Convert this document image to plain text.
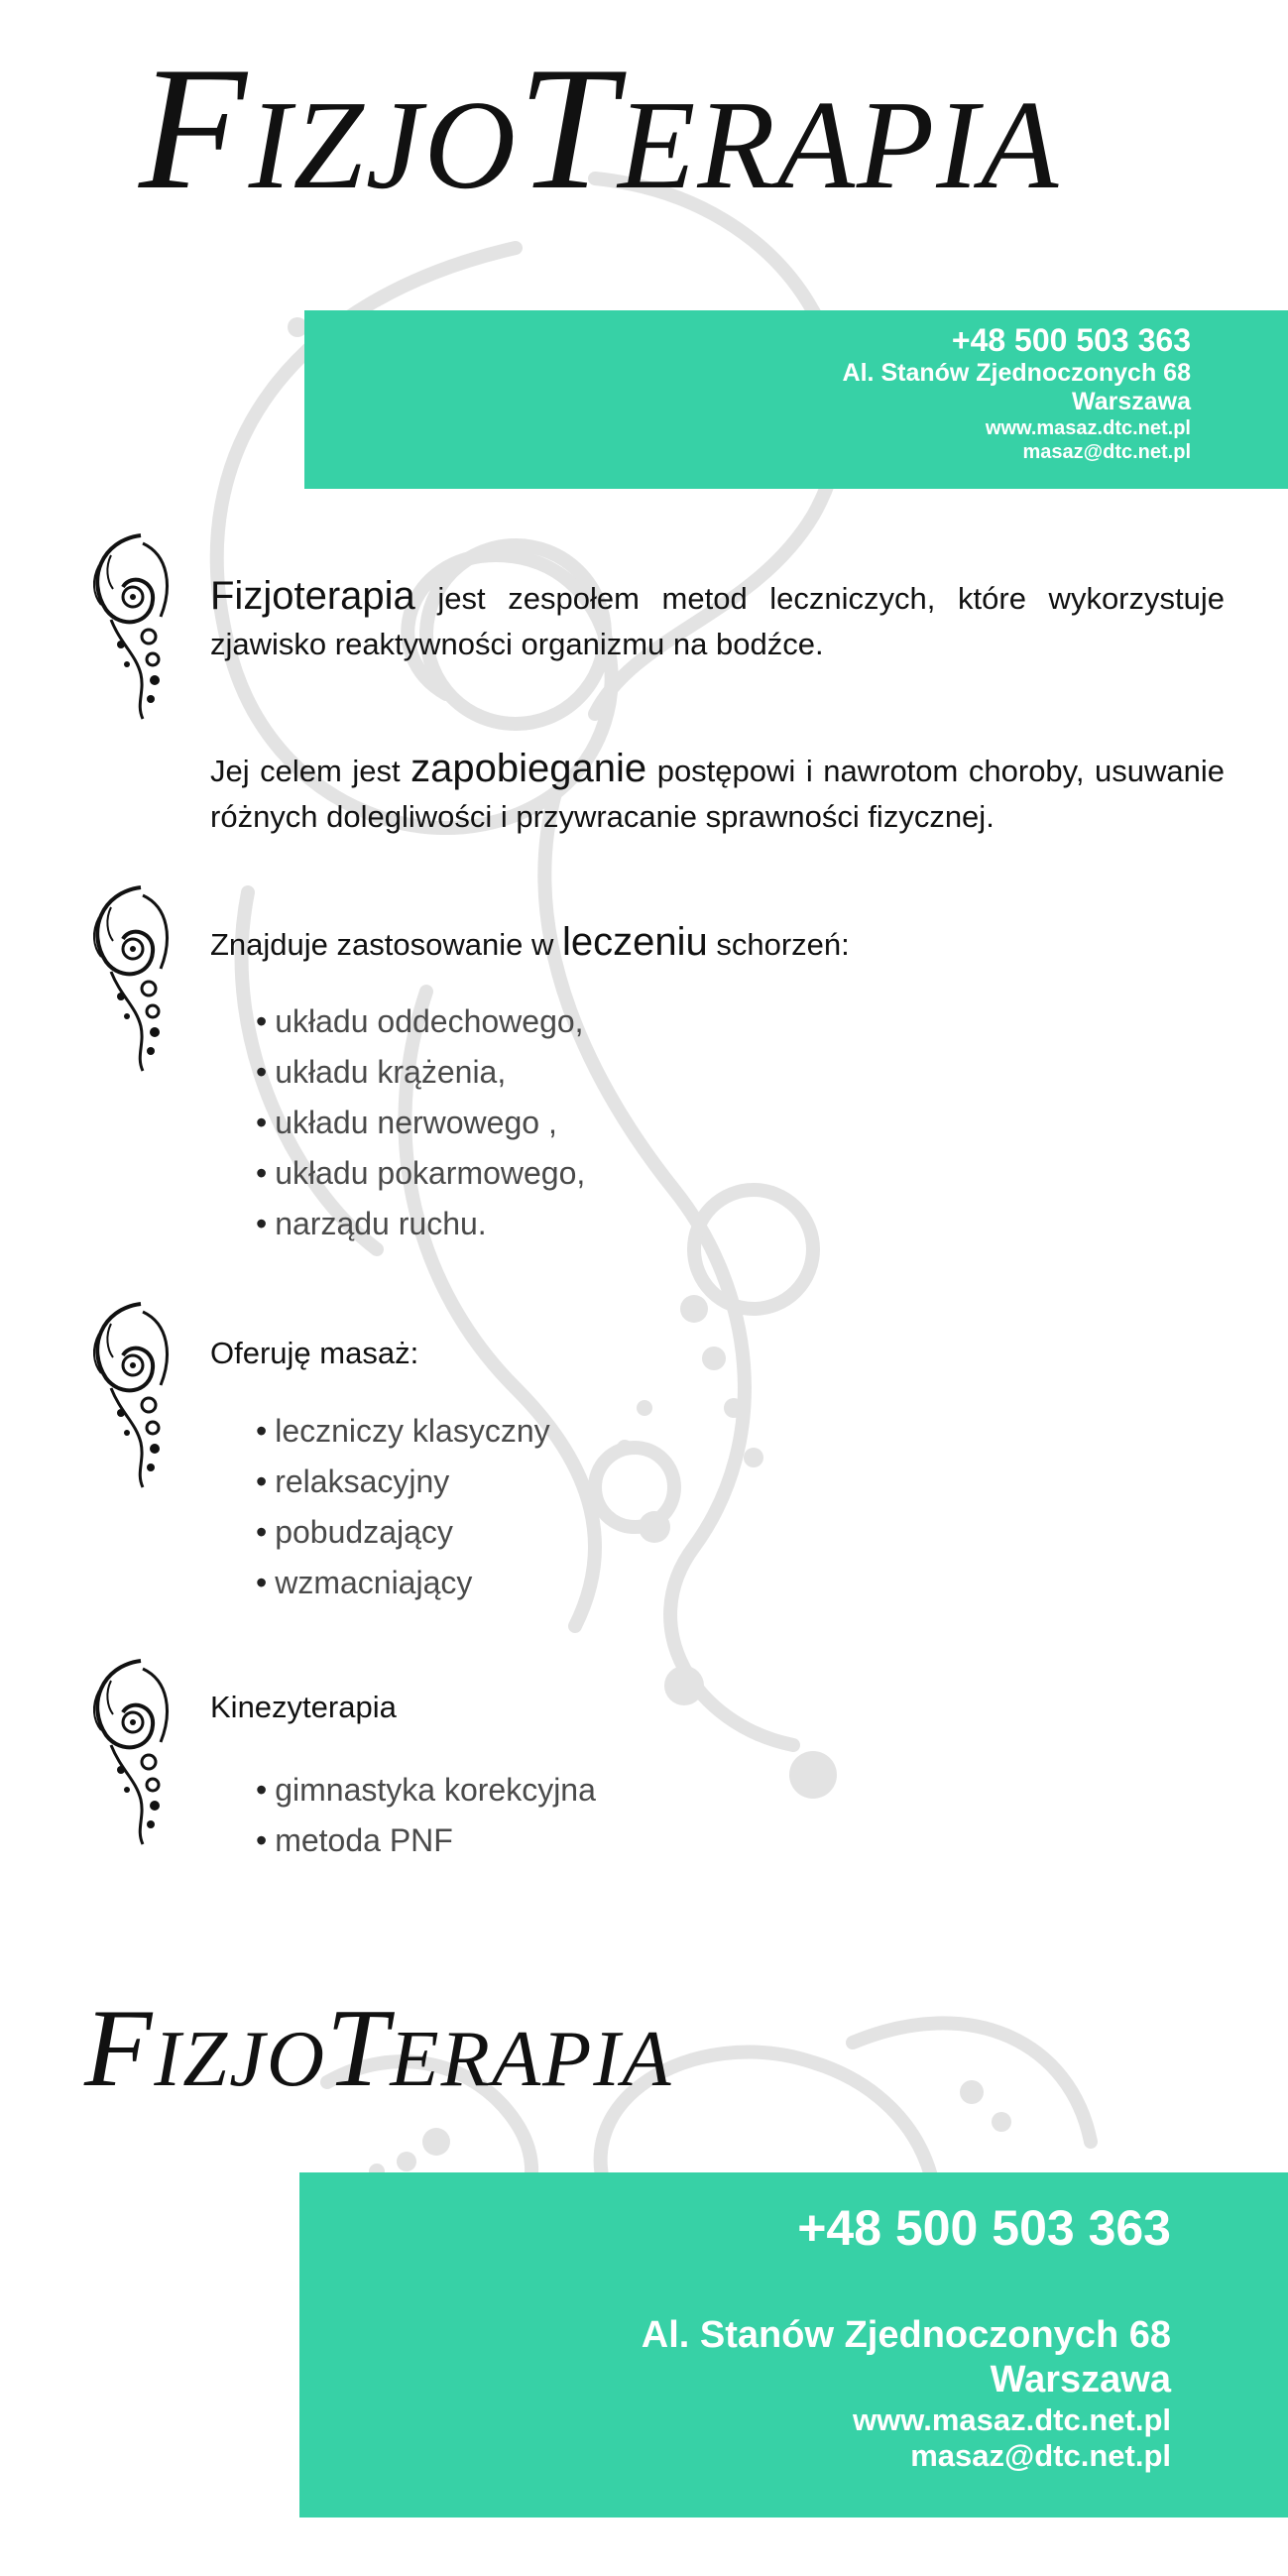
FIZJOTERAPIA
+48 500 503 363
Al. Stanów Zjednoczonych 68
Warszawa
www.masaz.dtc.net.pl
masaz@dtc.net.pl

Fizjoterapia jest zespołem metod leczniczych, które wykorzystuje zjawisko reaktywności organizmu na bodźce.

Jej celem jest zapobieganie postępowi i nawrotom choroby, usuwanie różnych dolegliwości i przywracanie sprawności fizycznej.

Znajduje zastosowanie w leczeniu schorzeń:
• układu oddechowego,
• układu krążenia,
• układu nerwowego ,
• układu pokarmowego,
• narządu ruchu.
Oferuję masaż:
• leczniczy klasyczny
• relaksacyjny
• pobudzający
• wzmacniający
Kinezyterapia
• gimnastyka korekcyjna
• metoda PNF
FIZJOTERAPIA
+48 500 503 363
Al. Stanów Zjednoczonych 68
Warszawa
www.masaz.dtc.net.pl
masaz@dtc.net.pl
